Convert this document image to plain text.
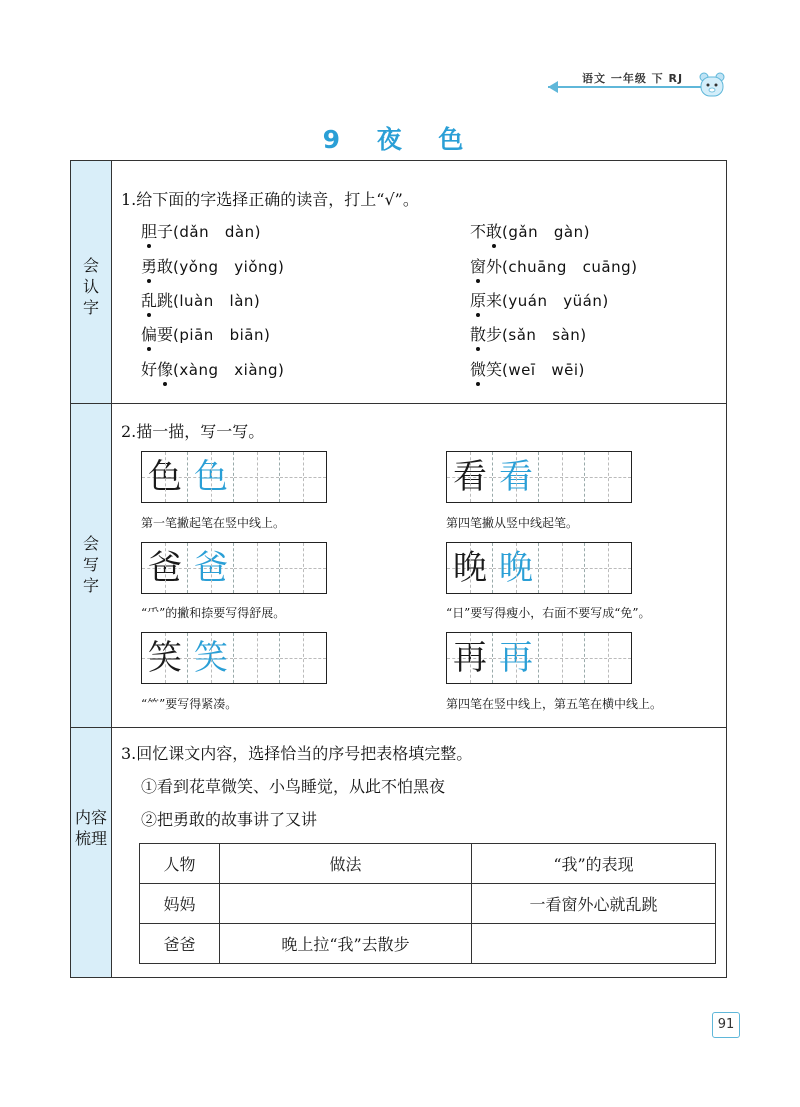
语文 一年级 下 RJ
9 夜 色
会认字
会写字
内容梳理
1.给下面的字选择正确的读音，打上“√”。
胆子(dǎn   dàn)	不敢(gǎn   gàn)
勇敢(yǒng   yiǒng)	窗外(chuāng   cuāng)
乱跳(luàn   làn)	原来(yuán   yüán)
偏要(piān   biān)	散步(sǎn   sàn)
好像(xàng   xiàng)	微笑(weī   wēi)
2.描一描，写一写。
色 色
第一笔撇起笔在竖中线上。
看 看
第四笔撇从竖中线起笔。
爸 爸
“⺥”的撇和捺要写得舒展。
晚 晚
“日”要写得瘦小，右面不要写成“免”。
笑 笑
“⺮”要写得紧凑。
再 再
第四笔在竖中线上，第五笔在横中线上。
3.回忆课文内容，选择恰当的序号把表格填完整。
①看到花草微笑、小鸟睡觉，从此不怕黑夜
②把勇敢的故事讲了又讲
人物	做法	“我”的表现
妈妈		一看窗外心就乱跳
爸爸	晚上拉“我”去散步	
91
